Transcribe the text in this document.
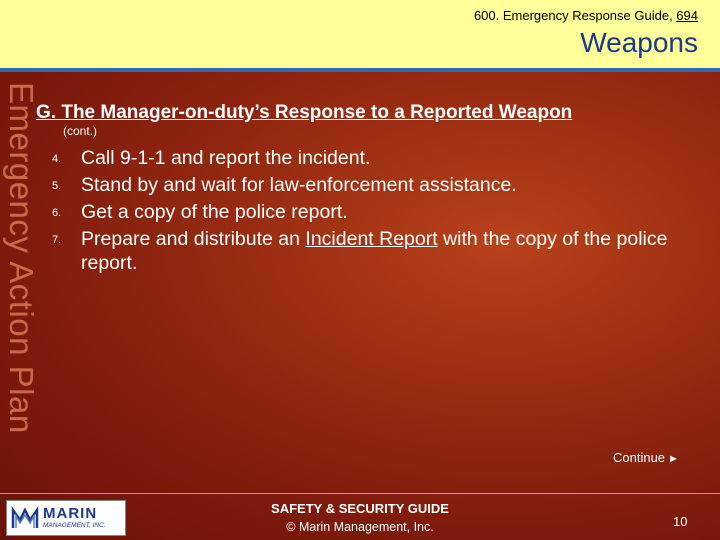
600. Emergency Response Guide, 694
Weapons
Emergency Action Plan
G. The Manager-on-duty’s Response to a Reported Weapon
(cont.)
4. Call 9-1-1 and report the incident.
5. Stand by and wait for law-enforcement assistance.
6. Get a copy of the police report.
7. Prepare and distribute an Incident Report with the copy of the police report.
Continue ►
MARIN
MANAGEMENT, INC.
SAFETY & SECURITY GUIDE
© Marin Management, Inc.	10
